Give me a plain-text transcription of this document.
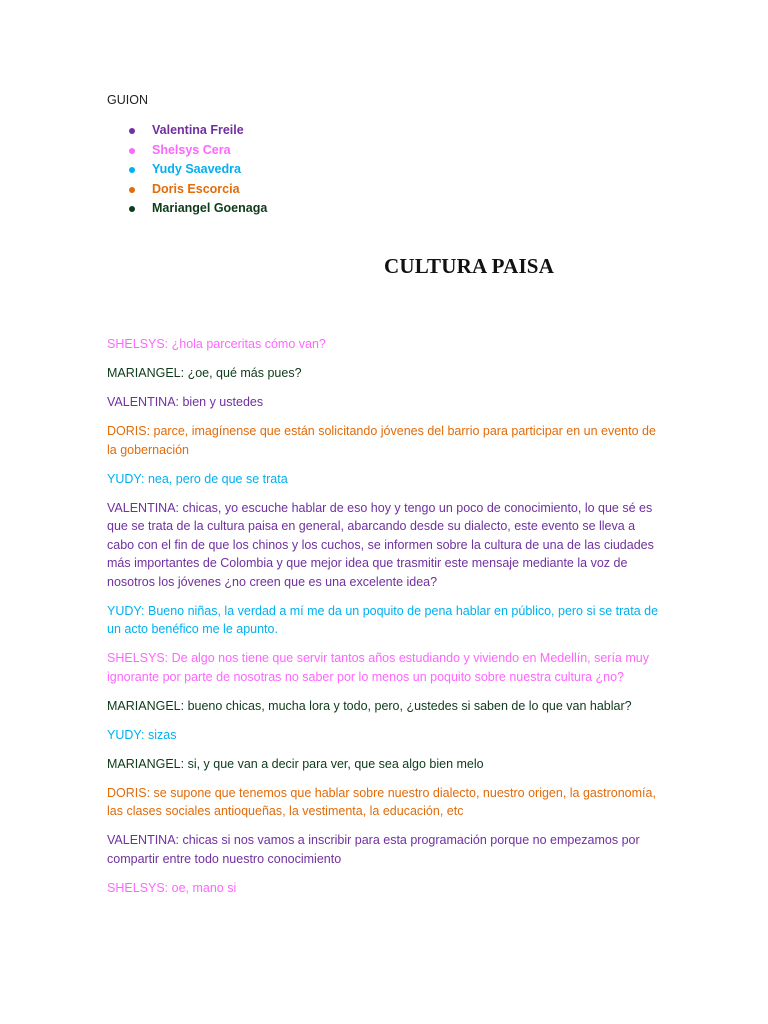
GUION
Valentina Freile
Shelsys Cera
Yudy Saavedra
Doris Escorcia
Mariangel Goenaga
CULTURA PAISA

SHELSYS: ¿hola parceritas cómo van?

MARIANGEL: ¿oe, qué más pues?

VALENTINA: bien y ustedes

DORIS: parce, imagínense que están solicitando jóvenes del barrio para participar en un evento de la gobernación

YUDY: nea, pero de que se trata

VALENTINA: chicas, yo escuche hablar de eso hoy y tengo un poco de conocimiento, lo que sé es que se trata de la cultura paisa en general, abarcando desde su dialecto, este evento se lleva a cabo con el fin de que los chinos y los cuchos, se informen sobre la cultura de una de las ciudades más importantes de Colombia y que mejor idea que trasmitir este mensaje mediante la voz de nosotros los jóvenes ¿no creen que es una excelente idea?

YUDY: Bueno niñas, la verdad a mí me da un poquito de pena hablar en público, pero si se trata de un acto benéfico me le apunto.

SHELSYS: De algo nos tiene que servir tantos años estudiando y viviendo en Medellín, sería muy ignorante por parte de nosotras no saber por lo menos un poquito sobre nuestra cultura ¿no?

MARIANGEL: bueno chicas, mucha lora y todo, pero, ¿ustedes si saben de lo que van hablar?

YUDY: sizas

MARIANGEL: si, y que van a decir para ver, que sea algo bien melo

DORIS: se supone que tenemos que hablar sobre nuestro dialecto, nuestro origen, la gastronomía, las clases sociales antioqueñas, la vestimenta, la educación, etc

VALENTINA: chicas si nos vamos a inscribir para esta programación porque no empezamos por compartir entre todo nuestro conocimiento

SHELSYS: oe, mano si
